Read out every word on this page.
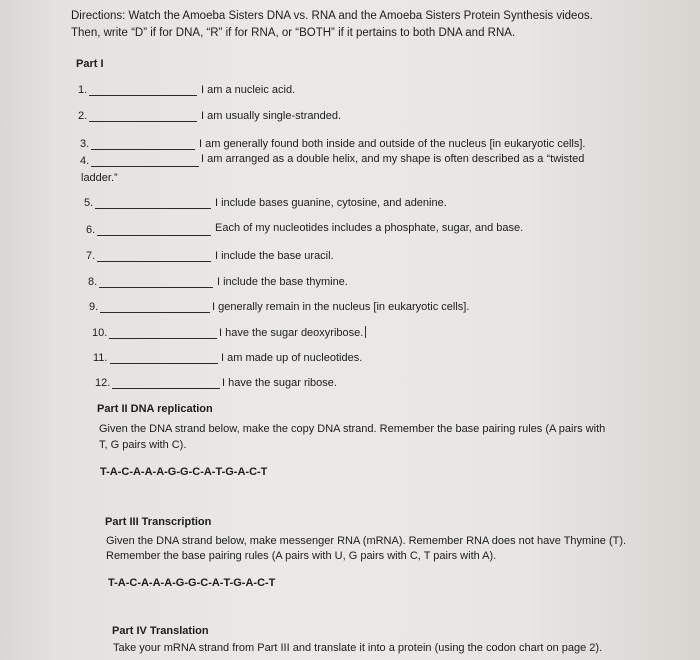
Directions: Watch the Amoeba Sisters DNA vs. RNA and the Amoeba Sisters Protein Synthesis videos.
Then, write “D” if for DNA, “R” if for RNA, or “BOTH” if it pertains to both DNA and RNA.
Part I
1.	I am a nucleic acid.
2.	I am usually single-stranded.
3.	I am generally found both inside and outside of the nucleus [in eukaryotic cells].
4.	I am arranged as a double helix, and my shape is often described as a “twisted
ladder.”
5.	I include bases guanine, cytosine, and adenine.
6.	Each of my nucleotides includes a phosphate, sugar, and base.
7.	I include the base uracil.
8.	I include the base thymine.
9.	I generally remain in the nucleus [in eukaryotic cells].
10.	I have the sugar deoxyribose.
11.	I am made up of nucleotides.
12.	I have the sugar ribose.
Part II DNA replication
Given the DNA strand below, make the copy DNA strand. Remember the base pairing rules (A pairs with
T, G pairs with C).
T-A-C-A-A-A-G-G-C-A-T-G-A-C-T
Part III Transcription
Given the DNA strand below, make messenger RNA (mRNA). Remember RNA does not have Thymine (T).
Remember the base pairing rules (A pairs with U, G pairs with C, T pairs with A).
T-A-C-A-A-A-G-G-C-A-T-G-A-C-T
Part IV Translation
Take your mRNA strand from Part III and translate it into a protein (using the codon chart on page 2).
